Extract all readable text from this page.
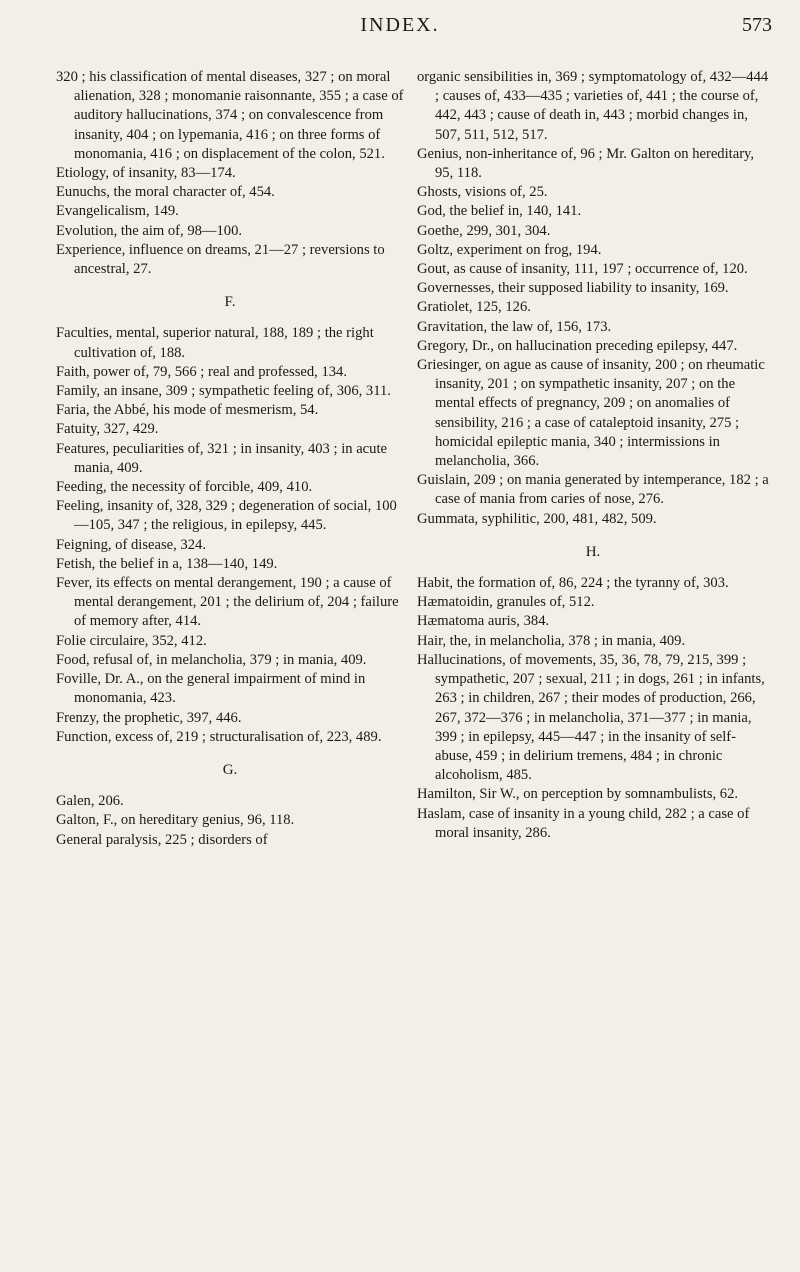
INDEX.	573

320 ; his classification of mental diseases, 327 ; on moral alienation, 328 ; monomanie raisonnante, 355 ; a case of auditory hallucinations, 374 ; on convalescence from insanity, 404 ; on lypemania, 416 ; on three forms of monomania, 416 ; on displacement of the colon, 521.

Etiology, of insanity, 83—174.

Eunuchs, the moral character of, 454.

Evangelicalism, 149.

Evolution, the aim of, 98—100.

Experience, influence on dreams, 21—27 ; reversions to ancestral, 27.

F.

Faculties, mental, superior natural, 188, 189 ; the right cultivation of, 188.

Faith, power of, 79, 566 ; real and professed, 134.

Family, an insane, 309 ; sympathetic feeling of, 306, 311.

Faria, the Abbé, his mode of mesmerism, 54.

Fatuity, 327, 429.

Features, peculiarities of, 321 ; in insanity, 403 ; in acute mania, 409.

Feeding, the necessity of forcible, 409, 410.

Feeling, insanity of, 328, 329 ; degeneration of social, 100—105, 347 ; the religious, in epilepsy, 445.

Feigning, of disease, 324.

Fetish, the belief in a, 138—140, 149.

Fever, its effects on mental derangement, 190 ; a cause of mental derangement, 201 ; the delirium of, 204 ; failure of memory after, 414.

Folie circulaire, 352, 412.

Food, refusal of, in melancholia, 379 ; in mania, 409.

Foville, Dr. A., on the general impairment of mind in monomania, 423.

Frenzy, the prophetic, 397, 446.

Function, excess of, 219 ; structuralisation of, 223, 489.

G.

Galen, 206.

Galton, F., on hereditary genius, 96, 118.

General paralysis, 225 ; disorders of

organic sensibilities in, 369 ; symptomatology of, 432—444 ; causes of, 433—435 ; varieties of, 441 ; the course of, 442, 443 ; cause of death in, 443 ; morbid changes in, 507, 511, 512, 517.

Genius, non-inheritance of, 96 ; Mr. Galton on hereditary, 95, 118.

Ghosts, visions of, 25.

God, the belief in, 140, 141.

Goethe, 299, 301, 304.

Goltz, experiment on frog, 194.

Gout, as cause of insanity, 111, 197 ; occurrence of, 120.

Governesses, their supposed liability to insanity, 169.

Gratiolet, 125, 126.

Gravitation, the law of, 156, 173.

Gregory, Dr., on hallucination preceding epilepsy, 447.

Griesinger, on ague as cause of insanity, 200 ; on rheumatic insanity, 201 ; on sympathetic insanity, 207 ; on the mental effects of pregnancy, 209 ; on anomalies of sensibility, 216 ; a case of cataleptoid insanity, 275 ; homicidal epileptic mania, 340 ; intermissions in melancholia, 366.

Guislain, 209 ; on mania generated by intemperance, 182 ; a case of mania from caries of nose, 276.

Gummata, syphilitic, 200, 481, 482, 509.

H.

Habit, the formation of, 86, 224 ; the tyranny of, 303.

Hæmatoidin, granules of, 512.

Hæmatoma auris, 384.

Hair, the, in melancholia, 378 ; in mania, 409.

Hallucinations, of movements, 35, 36, 78, 79, 215, 399 ; sympathetic, 207 ; sexual, 211 ; in dogs, 261 ; in infants, 263 ; in children, 267 ; their modes of production, 266, 267, 372—376 ; in melancholia, 371—377 ; in mania, 399 ; in epilepsy, 445—447 ; in the insanity of self-abuse, 459 ; in delirium tremens, 484 ; in chronic alcoholism, 485.

Hamilton, Sir W., on perception by somnambulists, 62.

Haslam, case of insanity in a young child, 282 ; a case of moral insanity, 286.
